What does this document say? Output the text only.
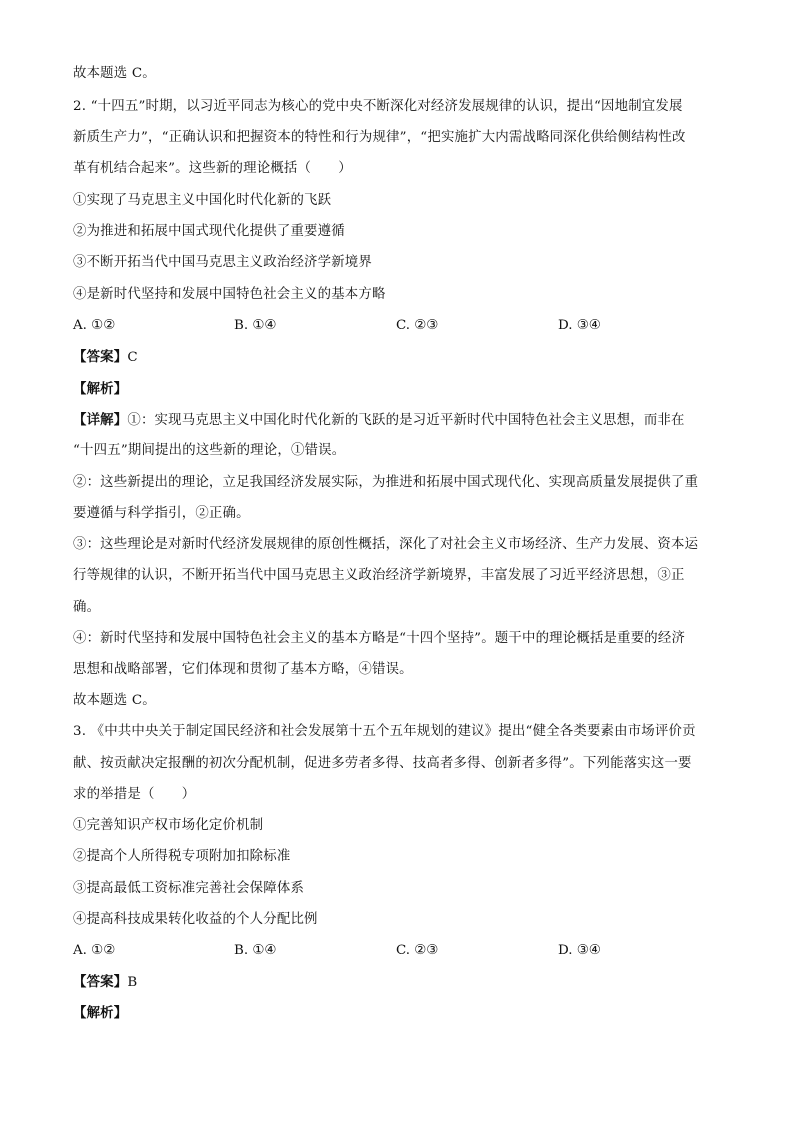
故本题选 C。
2. “十四五”时期，以习近平同志为核心的党中央不断深化对经济发展规律的认识，提出“因地制宜发展
新质生产力”，“正确认识和把握资本的特性和行为规律”，“把实施扩大内需战略同深化供给侧结构性改
革有机结合起来”。这些新的理论概括（　　）
①实现了马克思主义中国化时代化新的飞跃
②为推进和拓展中国式现代化提供了重要遵循
③不断开拓当代中国马克思主义政治经济学新境界
④是新时代坚持和发展中国特色社会主义的基本方略
A. ①②	B. ①④	C. ②③	D. ③④
【答案】C
【解析】
【详解】①：实现马克思主义中国化时代化新的飞跃的是习近平新时代中国特色社会主义思想，而非在
“十四五”期间提出的这些新的理论，①错误。
②：这些新提出的理论，立足我国经济发展实际，为推进和拓展中国式现代化、实现高质量发展提供了重
要遵循与科学指引，②正确。
③：这些理论是对新时代经济发展规律的原创性概括，深化了对社会主义市场经济、生产力发展、资本运
行等规律的认识，不断开拓当代中国马克思主义政治经济学新境界，丰富发展了习近平经济思想，③正
确。
④：新时代坚持和发展中国特色社会主义的基本方略是“十四个坚持”。题干中的理论概括是重要的经济
思想和战略部署，它们体现和贯彻了基本方略，④错误。
故本题选 C。
3. 《中共中央关于制定国民经济和社会发展第十五个五年规划的建议》提出“健全各类要素由市场评价贡
献、按贡献决定报酬的初次分配机制，促进多劳者多得、技高者多得、创新者多得”。下列能落实这一要
求的举措是（　　）
①完善知识产权市场化定价机制
②提高个人所得税专项附加扣除标准
③提高最低工资标准完善社会保障体系
④提高科技成果转化收益的个人分配比例
A. ①②	B. ①④	C. ②③	D. ③④
【答案】B
【解析】
